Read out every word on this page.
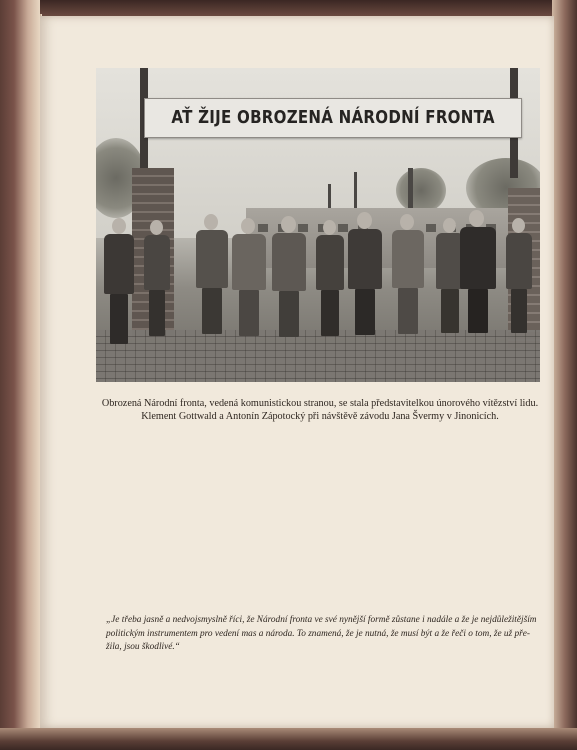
AŤ ŽIJE OBROZENÁ NÁRODNÍ FRONTA
Obrozená Národní fronta, vedená komunistickou stranou, se stala představitelkou únorového vítězství lidu.
Klement Gottwald a Antonín Zápotocký při návštěvě závodu Jana Švermy v Jinonicích.
„Je třeba jasně a nedvojsmyslně říci, že Národní fronta ve své nynější formě zůstane i nadále a že je nejdůležitějším
politickým instrumentem pro vedení mas a národa. To znamená, že je nutná, že musí být a že řeči o tom, že už pře-
žila, jsou škodlivé.“
